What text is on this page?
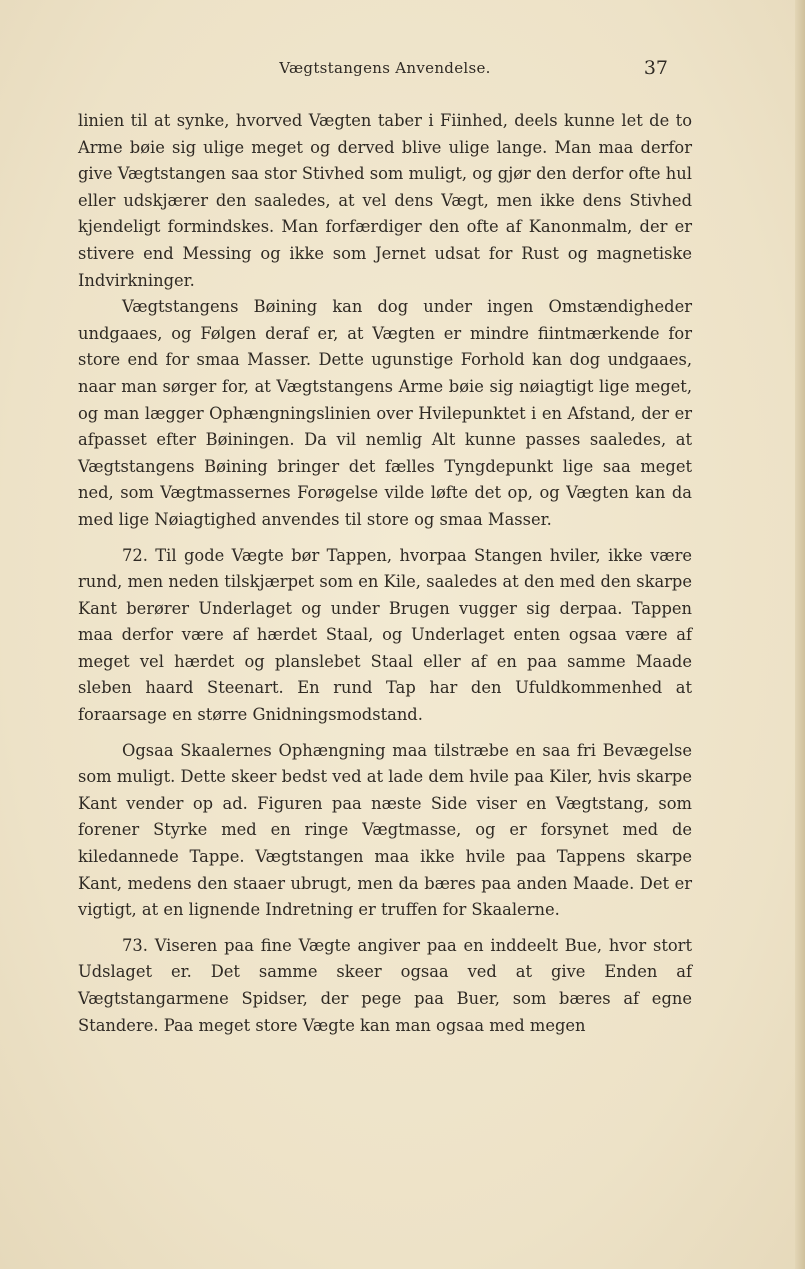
Vægtstangens Anvendelse.	37

linien til at synke, hvorved Vægten taber i Fiinhed, deels kunne let de to Arme bøie sig ulige meget og derved blive ulige lange. Man maa derfor give Vægtstangen saa stor Stivhed som muligt, og gjør den derfor ofte hul eller udskjærer den saaledes, at vel dens Vægt, men ikke dens Stivhed kjendeligt formindskes. Man forfærdiger den ofte af Kanonmalm, der er stivere end Messing og ikke som Jernet udsat for Rust og magnetiske Indvirkninger.

Vægtstangens Bøining kan dog under ingen Omstændigheder undgaaes, og Følgen deraf er, at Vægten er mindre fiintmærkende for store end for smaa Masser. Dette ugunstige Forhold kan dog undgaaes, naar man sørger for, at Vægtstangens Arme bøie sig nøiagtigt lige meget, og man lægger Ophængningslinien over Hvilepunktet i en Afstand, der er afpasset efter Bøiningen. Da vil nemlig Alt kunne passes saaledes, at Vægtstangens Bøining bringer det fælles Tyngdepunkt lige saa meget ned, som Vægtmassernes Forøgelse vilde løfte det op, og Vægten kan da med lige Nøiagtighed anvendes til store og smaa Masser.

72. Til gode Vægte bør Tappen, hvorpaa Stangen hviler, ikke være rund, men neden tilskjærpet som en Kile, saaledes at den med den skarpe Kant berører Underlaget og under Brugen vugger sig derpaa. Tappen maa derfor være af hærdet Staal, og Underlaget enten ogsaa være af meget vel hærdet og planslebet Staal eller af en paa samme Maade sleben haard Steenart. En rund Tap har den Ufuldkommenhed at foraarsage en større Gnidningsmodstand.

Ogsaa Skaalernes Ophængning maa tilstræbe en saa fri Bevægelse som muligt. Dette skeer bedst ved at lade dem hvile paa Kiler, hvis skarpe Kant vender op ad. Figuren paa næste Side viser en Vægtstang, som forener Styrke med en ringe Vægtmasse, og er forsynet med de kiledannede Tappe. Vægtstangen maa ikke hvile paa Tappens skarpe Kant, medens den staaer ubrugt, men da bæres paa anden Maade. Det er vigtigt, at en lignende Indretning er truffen for Skaalerne.

73. Viseren paa fine Vægte angiver paa en inddeelt Bue, hvor stort Udslaget er. Det samme skeer ogsaa ved at give Enden af Vægtstangarmene Spidser, der pege paa Buer, som bæres af egne Standere. Paa meget store Vægte kan man ogsaa med megen
